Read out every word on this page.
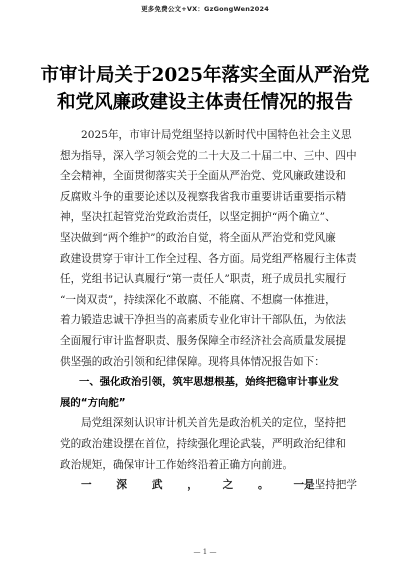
更多免费公文+VX：GzGongWen2024
市审计局关于2025年落实全面从严治党
和党风廉政建设主体责任情况的报告
2025年，市审计局党组坚持以新时代中国特色社会主义思
想为指导，深入学习领会党的二十大及二十届二中、三中、四中
全会精神，全面贯彻落实关于全面从严治党、党风廉政建设和
反腐败斗争的重要论述以及视察我省我市重要讲话重要指示精
神，坚决扛起管党治党政治责任，以坚定拥护“两个确立”、
坚决做到“两个维护”的政治自觉，将全面从严治党和党风廉
政建设贯穿于审计工作全过程、各方面。局党组严格履行主体责
任，党组书记认真履行“第一责任人”职责，班子成员扎实履行
“一岗双责”，持续深化不敢腐、不能腐、不想腐一体推进，
着力锻造忠诚干净担当的高素质专业化审计干部队伍，为依法
全面履行审计监督职责、服务保障全市经济社会高质量发展提
供坚强的政治引领和纪律保障。现将具体情况报告如下：
一、强化政治引领，筑牢思想根基，始终把稳审计事业发
展的“方向舵”
局党组深刻认识审计机关首先是政治机关的定位，坚持把
党的政治建设摆在首位，持续强化理论武装，严明政治纪律和
政治规矩，确保审计工作始终沿着正确方向前进。
一 深 武 ， 之 。 一是坚持把学
— 1 —
